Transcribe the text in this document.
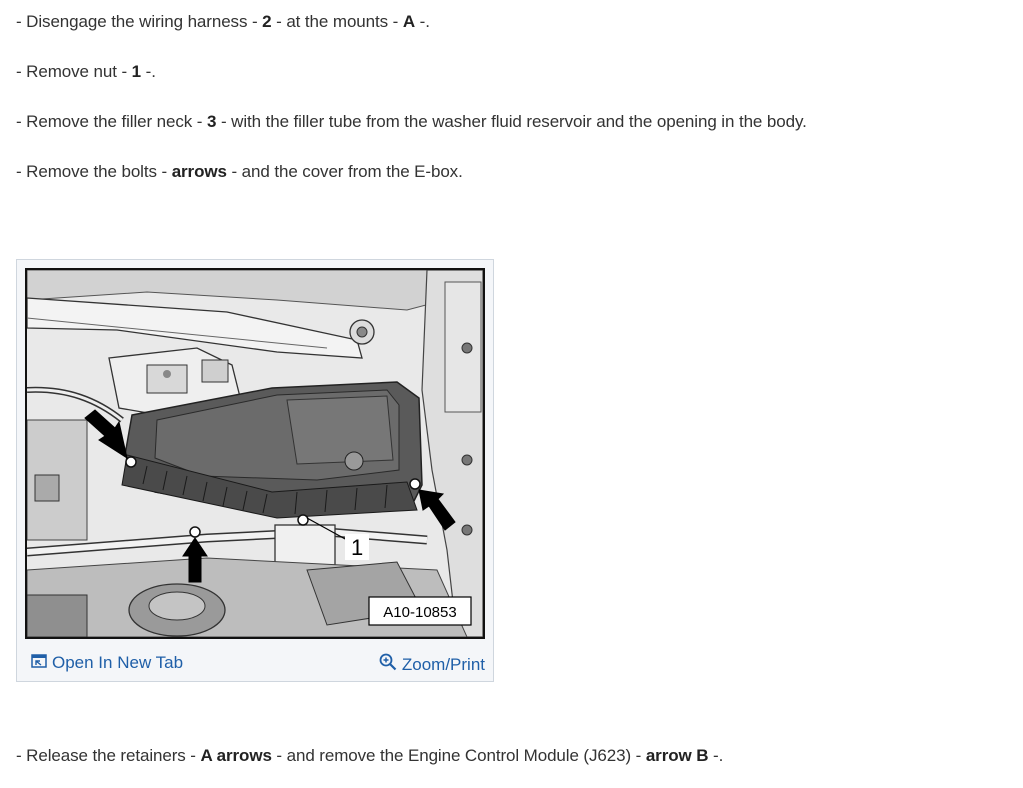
- Disengage the wiring harness - 2 - at the mounts - A -.
- Remove nut - 1 -.
- Remove the filler neck - 3 - with the filler tube from the washer fluid reservoir and the opening in the body.
- Remove the bolts - arrows - and the cover from the E-box.
1
A10-10853
Open In New Tab	Zoom/Print
- Release the retainers - A arrows - and remove the Engine Control Module (J623) - arrow B -.
